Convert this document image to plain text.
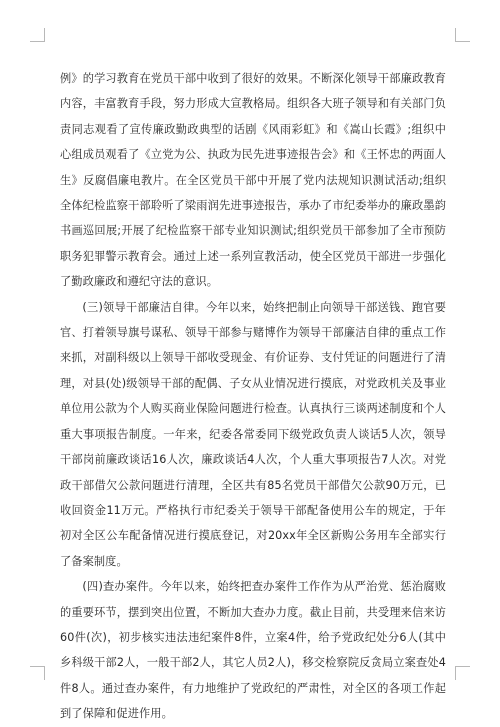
例》的学习教育在党员干部中收到了很好的效果。不断深化领导干部廉政教育内容，丰富教育手段，努力形成大宣教格局。组织各大班子领导和有关部门负责同志观看了宣传廉政勤政典型的话剧《风雨彩虹》和《嵩山长霞》;组织中心组成员观看了《立党为公、执政为民先进事迹报告会》和《王怀忠的两面人生》反腐倡廉电教片。在全区党员干部中开展了党内法规知识测试活动;组织全体纪检监察干部聆听了梁雨润先进事迹报告，承办了市纪委举办的廉政墨韵书画巡回展;开展了纪检监察干部专业知识测试;组织党员干部参加了全市预防职务犯罪警示教育会。通过上述一系列宣教活动，使全区党员干部进一步强化了勤政廉政和遵纪守法的意识。

(三)领导干部廉洁自律。今年以来，始终把制止向领导干部送钱、跑官要官、打着领导旗号谋私、领导干部参与赌博作为领导干部廉洁自律的重点工作来抓，对副科级以上领导干部收受现金、有价证券、支付凭证的问题进行了清理，对县(处)级领导干部的配偶、子女从业情况进行摸底，对党政机关及事业单位用公款为个人购买商业保险问题进行检查。认真执行三谈两述制度和个人重大事项报告制度。一年来，纪委各常委同下级党政负责人谈话5人次，领导干部岗前廉政谈话16人次，廉政谈话4人次，个人重大事项报告7人次。对党政干部借欠公款问题进行清理，全区共有85名党员干部借欠公款90万元，已收回资金11万元。严格执行市纪委关于领导干部配备使用公车的规定，于年初对全区公车配备情况进行摸底登记，对20xx年全区新购公务用车全部实行了备案制度。

(四)查办案件。今年以来，始终把查办案件工作作为从严治党、惩治腐败的重要环节，摆到突出位置，不断加大查办力度。截止目前，共受理来信来访60件(次)，初步核实违法违纪案件8件，立案4件，给予党政纪处分6人(其中乡科级干部2人，一般干部2人，其它人员2人)，移交检察院反贪局立案查处4件8人。通过查办案件，有力地维护了党政纪的严肃性，对全区的各项工作起到了保障和促进作用。
